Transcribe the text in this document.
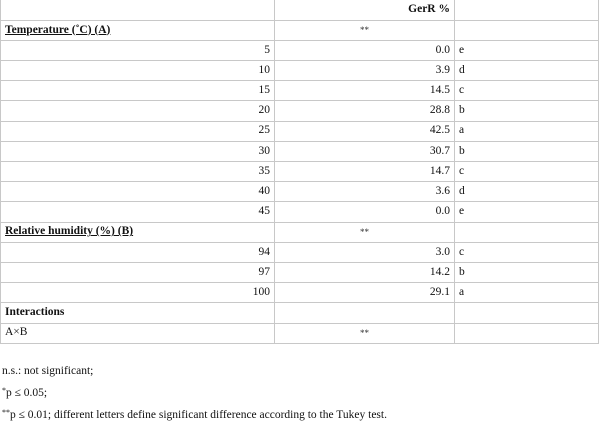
	GerR %	
Temperature (˚C) (A)	**	
5	0.0	e
10	3.9	d
15	14.5	c
20	28.8	b
25	42.5	a
30	30.7	b
35	14.7	c
40	3.6	d
45	0.0	e
Relative humidity (%) (B)	**	
94	3.0	c
97	14.2	b
100	29.1	a
Interactions		
A×B	**	
n.s.: not significant;
*p ≤ 0.05;
**p ≤ 0.01; different letters define significant difference according to the Tukey test.
